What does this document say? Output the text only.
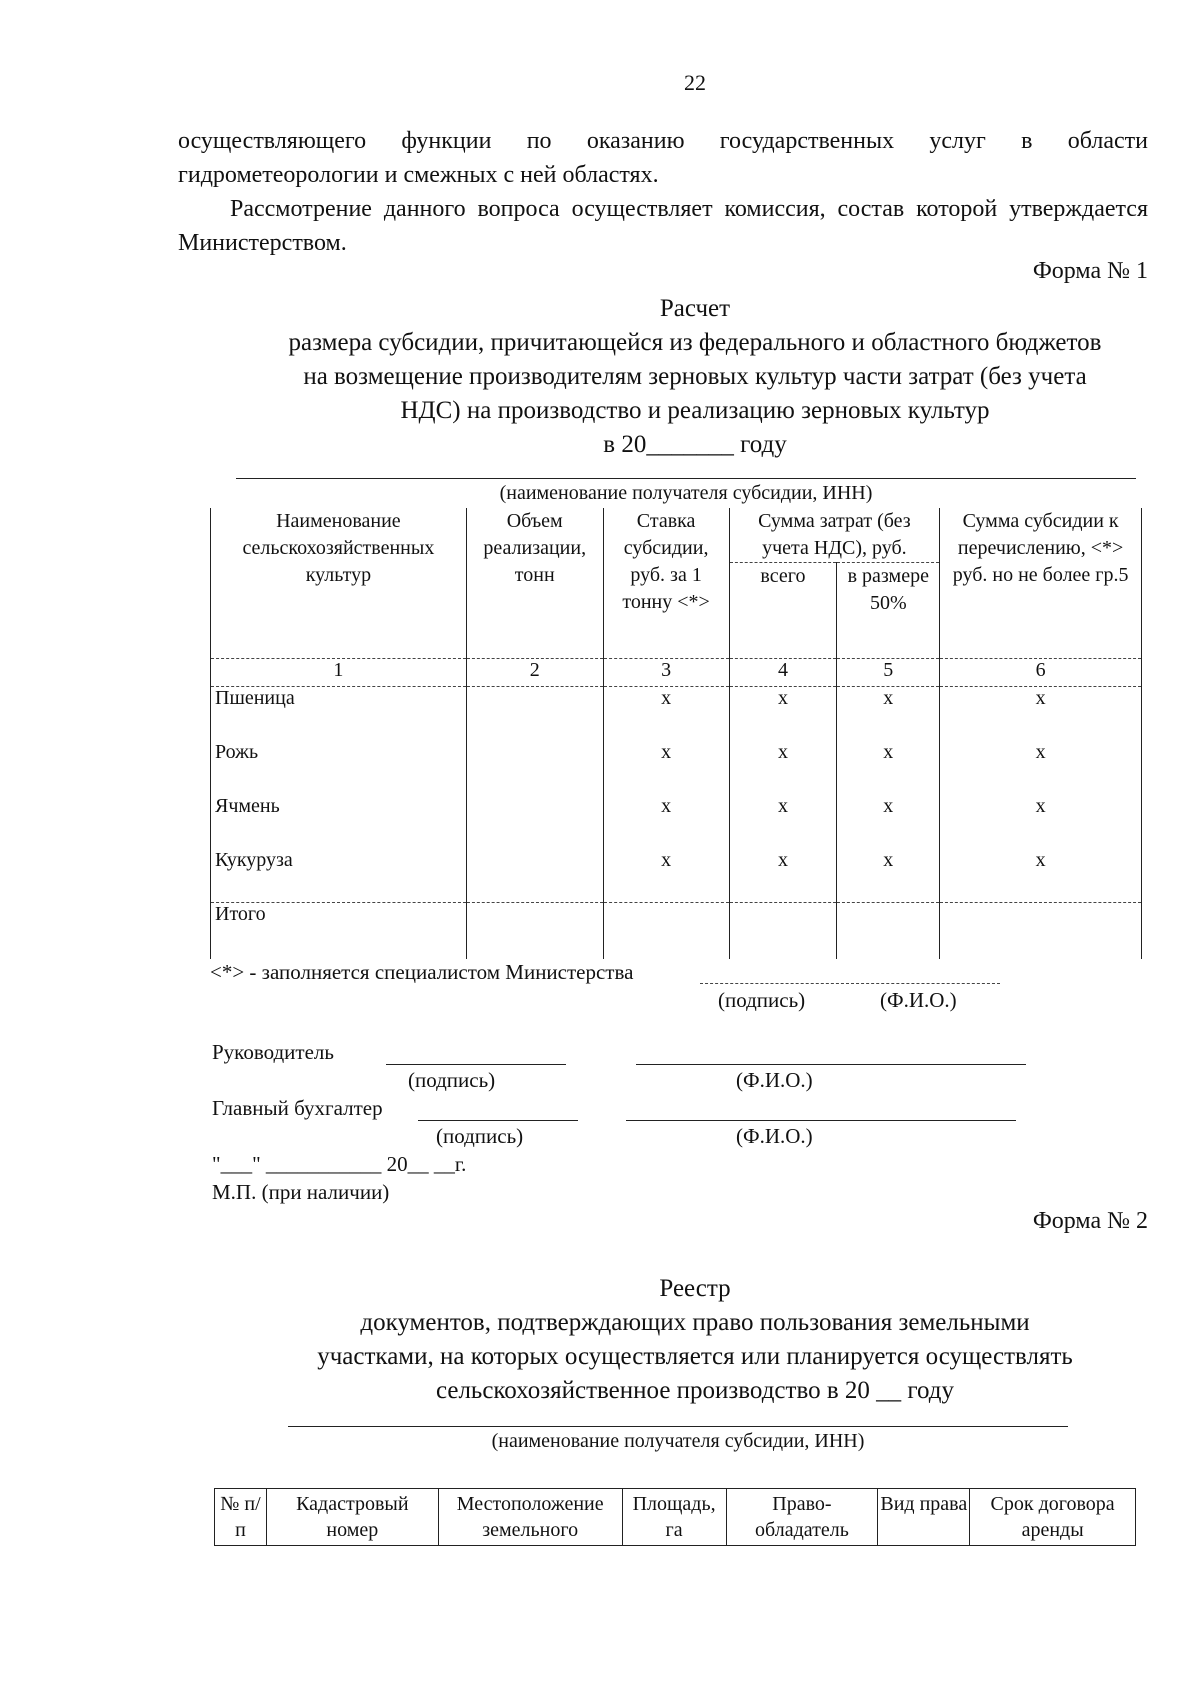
22
осуществляющего функции по оказанию государственных услуг в области гидрометеорологии и смежных с ней областях.
Рассмотрение данного вопроса осуществляет комиссия, состав которой утверждается Министерством.
Форма № 1
Расчет
размера субсидии, причитающейся из федерального и областного бюджетов
на возмещение производителям зерновых культур части затрат (без учета
НДС) на производство и реализацию зерновых культур
в 20_______ году
(наименование получателя субсидии, ИНН)
Наименование сельскохозяйственных культур	Объем реализации, тонн	Ставка субсидии, руб. за 1 тонну <*>	Сумма затрат (без учета НДС), руб.		Сумма субсидии к перечислению, <*> руб. но не более гр.5
			всего	в размере 50%	
1	2	3	4	5	6
Пшеница		x	x	x	x
Рожь		x	x	x	x
Ячмень		x	x	x	x
Кукуруза		x	x	x	x
Итого					
<*> - заполняется специалистом Министерства
(подпись)	(Ф.И.О.)
Руководитель
(подпись)	(Ф.И.О.)
Главный бухгалтер
(подпись)	(Ф.И.О.)
"___" ___________ 20__ __г.
М.П. (при наличии)
Форма № 2
Реестр
документов, подтверждающих право пользования земельными
участками, на которых осуществляется или планируется осуществлять
сельскохозяйственное производство в 20 __ году
(наименование получателя субсидии, ИНН)
№ п/п	Кадастровый номер	Местоположение земельного	Площадь, га	Право-обладатель	Вид права	Срок договора аренды
